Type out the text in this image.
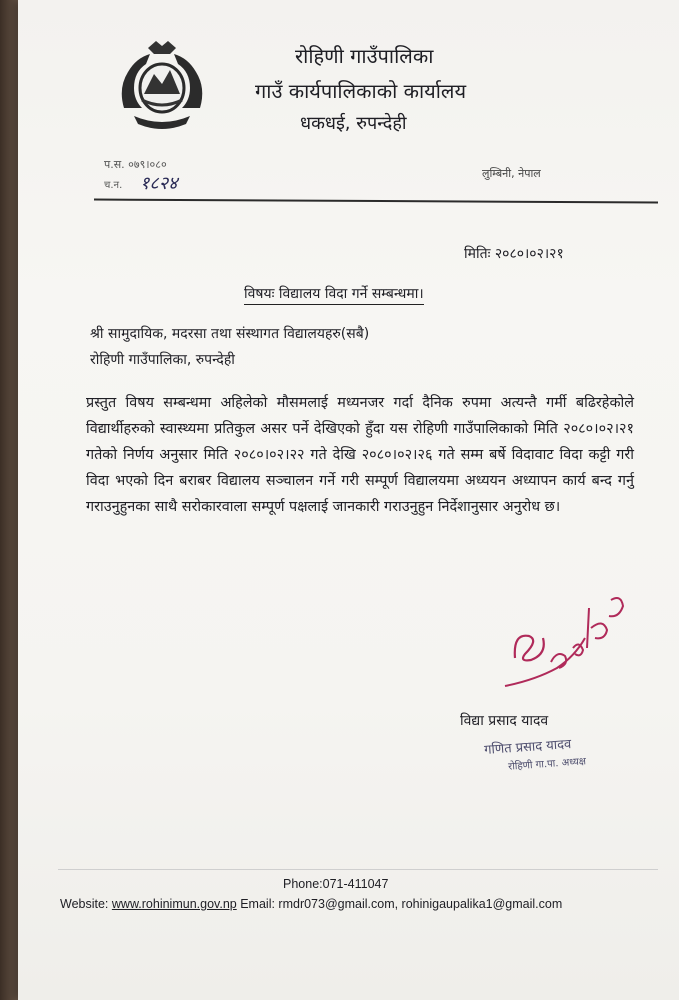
रोहिणी गाउँपालिका
गाउँ कार्यपालिकाको कार्यालय
धकधई, रुपन्देही
प.स. ०७९।०८०
च.न. १८२४	लुम्बिनी, नेपाल
मितिः २०८०।०२।२१
विषयः विद्यालय विदा गर्ने सम्बन्धमा।
श्री सामुदायिक, मदरसा तथा संस्थागत विद्यालयहरु(सबै)
रोहिणी गाउँपालिका, रुपन्देही
प्रस्तुत विषय सम्बन्धमा अहिलेको मौसमलाई मध्यनजर गर्दा दैनिक रुपमा अत्यन्तै गर्मी बढिरहेकोले विद्यार्थीहरुको स्वास्थ्यमा प्रतिकुल असर पर्ने देखिएको हुँदा यस रोहिणी गाउँपालिकाको मिति २०८०।०२।२१ गतेको निर्णय अनुसार मिति २०८०।०२।२२ गते देखि २०८०।०२।२६ गते सम्म बर्षे विदावाट विदा कट्टी गरी विदा भएको दिन बराबर विद्यालय सञ्चालन गर्ने गरी सम्पूर्ण विद्यालयमा अध्ययन अध्यापन कार्य बन्द गर्नु गराउनुहुनका साथै सरोकारवाला सम्पूर्ण पक्षलाई जानकारी गराउनुहुन निर्देशानुसार अनुरोध छ।
विद्या प्रसाद यादव
गणित प्रसाद यादव
रोहिणी गा.पा. अध्यक्ष
Phone:071-411047
Website: www.rohinimun.gov.np Email: rmdr073@gmail.com, rohinigaupalika1@gmail.com
